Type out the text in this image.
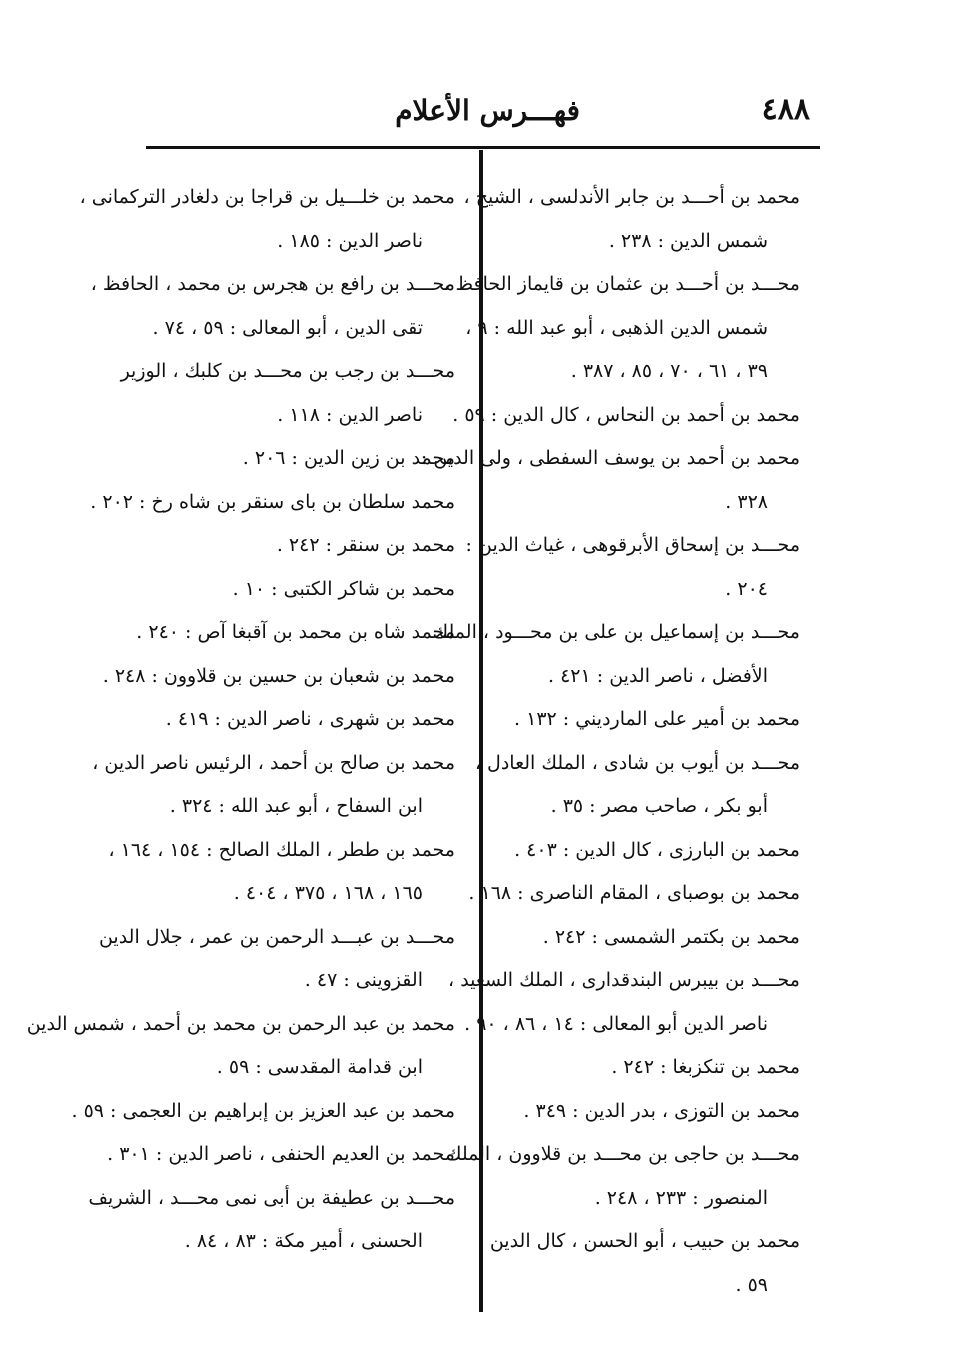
٤٨٨
فهـــرس الأعلام
محمد بن أحـــد بن جابر الأندلسى ، الشيخ ،
شمس الدين : ٢٣٨ .
محـــد بن أحـــد بن عثمان بن قايماز الحافظ ،
شمس الدين الذهبى ، أبو عبد الله : ٩ ،
٣٩ ، ٦١ ، ٧٠ ، ٨٥ ، ٣٨٧ .
محمد بن أحمد بن النحاس ، كال الدين : ٥٩ .
محمد بن أحمد بن يوسف السفطى ، ولى الدين :
٣٢٨ .
محـــد بن إسحاق الأبرقوهى ، غياث الدين :
٢٠٤ .
محـــد بن إسماعيل بن على بن محـــود ، الملك
الأفضل ، ناصر الدين : ٤٢١ .
محمد بن أمير على المارديني : ١٣٢ .
محـــد بن أيوب بن شادى ، الملك العادل ،
أبو بكر ، صاحب مصر : ٣٥ .
محمد بن البارزى ، كال الدين : ٤٠٣ .
محمد بن بوصباى ، المقام الناصرى : ١٦٨ .
محمد بن بكتمر الشمسى : ٢٤٢ .
محـــد بن بيبرس البندقدارى ، الملك السعيد ،
ناصر الدين أبو المعالى : ١٤ ، ٨٦ ، ٩٠ .
محمد بن تنكزبغا : ٢٤٢ .
محمد بن التوزى ، بدر الدين : ٣٤٩ .
محـــد بن حاجى بن محـــد بن قلاوون ، الملك
المنصور : ٢٣٣ ، ٢٤٨ .
محمد بن حبيب ، أبو الحسن ، كال الدين :
٥٩ .
محمد بن خلـــيل بن قراجا بن دلغادر التركمانى ،
ناصر الدين : ١٨٥ .
محـــد بن رافع بن هجرس بن محمد ، الحافظ ،
تقى الدين ، أبو المعالى : ٥٩ ، ٧٤ .
محـــد بن رجب بن محـــد بن كلبك ، الوزير
ناصر الدين : ١١٨ .
محمد بن زين الدين : ٢٠٦ .
محمد سلطان بن باى سنقر بن شاه رخ : ٢٠٢ .
محمد بن سنقر : ٢٤٢ .
محمد بن شاكر الكتبى : ١٠ .
محمد شاه بن محمد بن آقبغا آص : ٢٤٠ .
محمد بن شعبان بن حسين بن قلاوون : ٢٤٨ .
محمد بن شهرى ، ناصر الدين : ٤١٩ .
محمد بن صالح بن أحمد ، الرئيس ناصر الدين ،
ابن السفاح ، أبو عبد الله : ٣٢٤ .
محمد بن ططر ، الملك الصالح : ١٥٤ ، ١٦٤ ،
١٦٥ ، ١٦٨ ، ٣٧٥ ، ٤٠٤ .
محـــد بن عبـــد الرحمن بن عمر ، جلال الدين
القزوينى : ٤٧ .
محمد بن عبد الرحمن بن محمد بن أحمد ، شمس الدين
ابن قدامة المقدسى : ٥٩ .
محمد بن عبد العزيز بن إبراهيم بن العجمى : ٥٩ .
محمد بن العديم الحنفى ، ناصر الدين : ٣٠١ .
محـــد بن عطيفة بن أبى نمى محـــد ، الشريف
الحسنى ، أمير مكة : ٨٣ ، ٨٤ .
